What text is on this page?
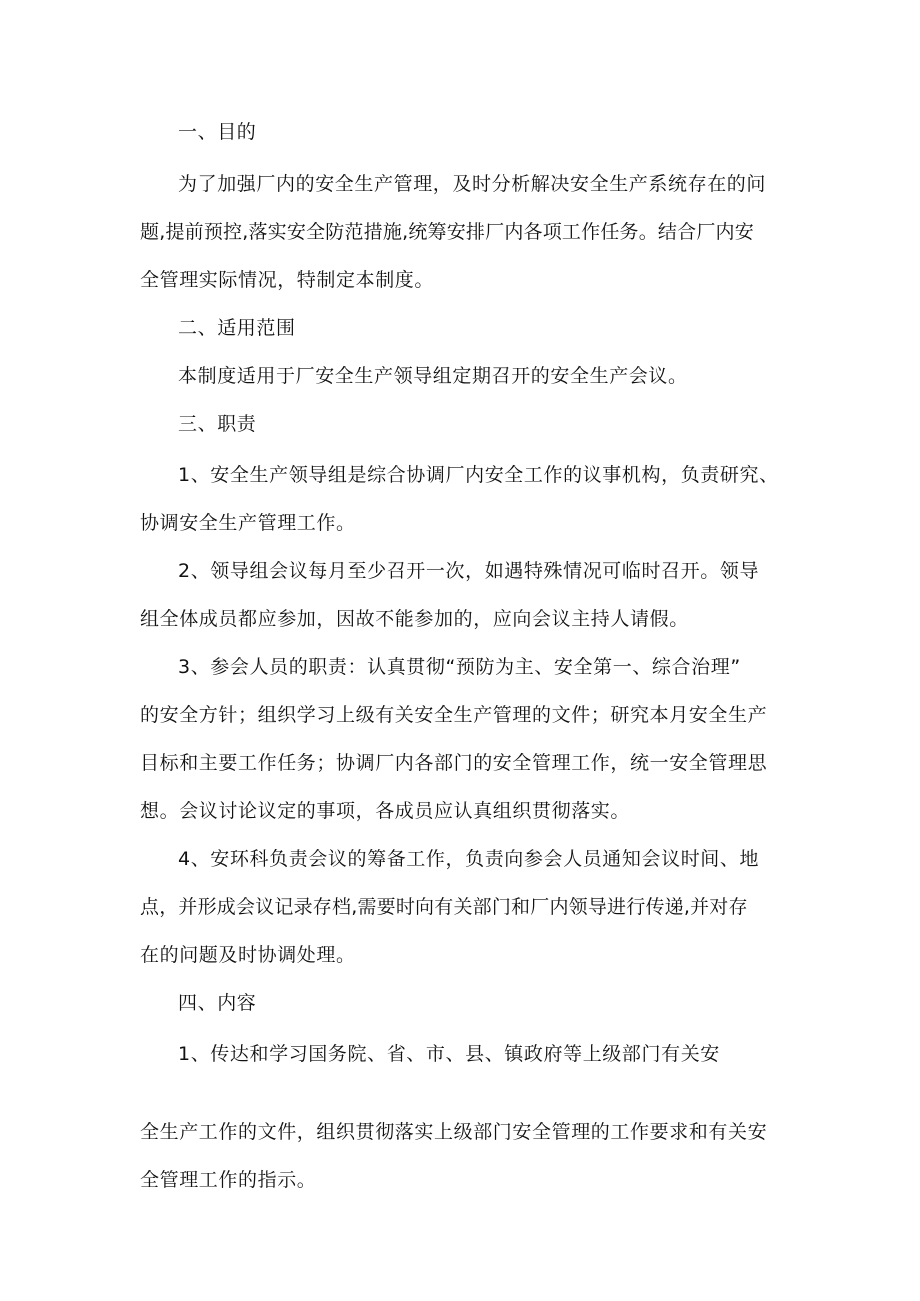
一、目的
为了加强厂内的安全生产管理，及时分析解决安全生产系统存在的问
题,提前预控,落实安全防范措施,统筹安排厂内各项工作任务。结合厂内安
全管理实际情况，特制定本制度。
二、适用范围
本制度适用于厂安全生产领导组定期召开的安全生产会议。
三、职责
1、安全生产领导组是综合协调厂内安全工作的议事机构，负责研究、
协调安全生产管理工作。
2、领导组会议每月至少召开一次，如遇特殊情况可临时召开。领导
组全体成员都应参加，因故不能参加的，应向会议主持人请假。
3、参会人员的职责：认真贯彻“预防为主、安全第一、综合治理”
的安全方针；组织学习上级有关安全生产管理的文件；研究本月安全生产
目标和主要工作任务；协调厂内各部门的安全管理工作，统一安全管理思
想。会议讨论议定的事项，各成员应认真组织贯彻落实。
4、安环科负责会议的筹备工作，负责向参会人员通知会议时间、地
点，并形成会议记录存档,需要时向有关部门和厂内领导进行传递,并对存
在的问题及时协调处理。
四、内容
1、传达和学习国务院、省、市、县、镇政府等上级部门有关安
全生产工作的文件，组织贯彻落实上级部门安全管理的工作要求和有关安
全管理工作的指示。
